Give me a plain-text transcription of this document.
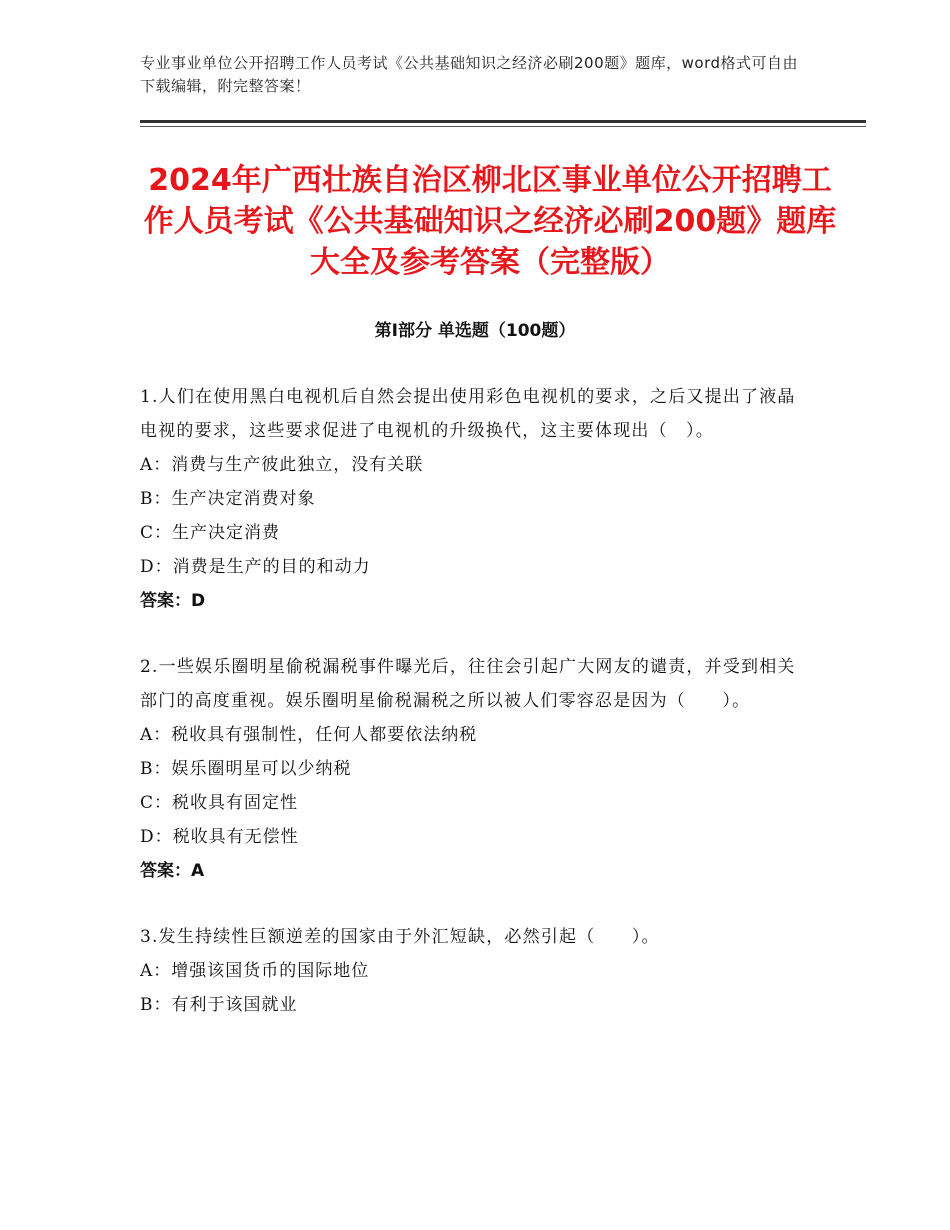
专业事业单位公开招聘工作人员考试《公共基础知识之经济必刷200题》题库，word格式可自由下载编辑，附完整答案！
2024年广西壮族自治区柳北区事业单位公开招聘工作人员考试《公共基础知识之经济必刷200题》题库大全及参考答案（完整版）
第Ⅰ部分 单选题（100题）
1.人们在使用黑白电视机后自然会提出使用彩色电视机的要求，之后又提出了液晶电视的要求，这些要求促进了电视机的升级换代，这主要体现出（　）。
A：消费与生产彼此独立，没有关联
B：生产决定消费对象
C：生产决定消费
D：消费是生产的目的和动力
答案：D
2.一些娱乐圈明星偷税漏税事件曝光后，往往会引起广大网友的谴责，并受到相关部门的高度重视。娱乐圈明星偷税漏税之所以被人们零容忍是因为（　　）。
A：税收具有强制性，任何人都要依法纳税
B：娱乐圈明星可以少纳税
C：税收具有固定性
D：税收具有无偿性
答案：A
3.发生持续性巨额逆差的国家由于外汇短缺，必然引起（　　）。
A：增强该国货币的国际地位
B：有利于该国就业
